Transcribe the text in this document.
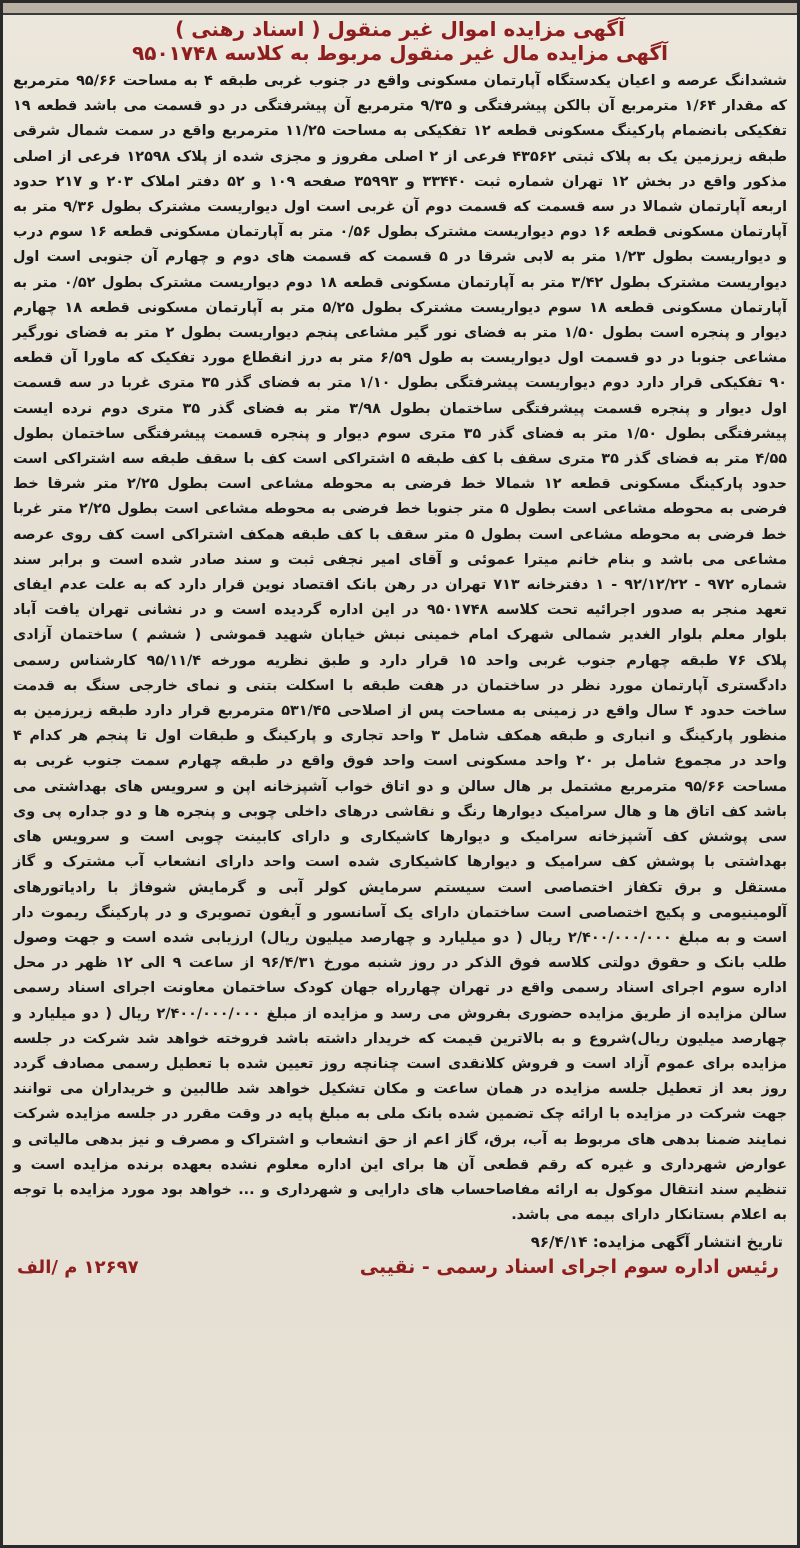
آگهی مزایده اموال غیر منقول ( اسناد رهنی )
آگهی مزایده مال غیر منقول مربوط به کلاسه ۹۵۰۱۷۴۸
ششدانگ عرصه و اعیان یکدستگاه آپارتمان مسکونی واقع در جنوب غربی طبقه ۴ به مساحت ۹۵/۶۶ مترمربع که مقدار ۱/۶۴ مترمربع آن بالکن پیشرفتگی و ۹/۳۵ مترمربع آن پیشرفتگی در دو قسمت می باشد قطعه ۱۹ تفکیکی بانضمام پارکینگ مسکونی قطعه ۱۲ تفکیکی به مساحت ۱۱/۲۵ مترمربع واقع در سمت شمال شرقی طبقه زیرزمین یک به پلاک ثبتی ۴۳۵۶۲ فرعی از ۲ اصلی مفروز و مجزی شده از پلاک ۱۲۵۹۸ فرعی از اصلی مذکور واقع در بخش ۱۲ تهران شماره ثبت ۳۳۴۴۰ و ۳۵۹۹۳ صفحه ۱۰۹ و ۵۲ دفتر املاک ۲۰۳ و ۲۱۷ حدود اربعه آپارتمان شمالا در سه قسمت که قسمت دوم آن غربی است اول دیواریست مشترک بطول ۹/۳۶ متر به آپارتمان مسکونی قطعه ۱۶ دوم دیواریست مشترک بطول ۰/۵۶ متر به آپارتمان مسکونی قطعه ۱۶ سوم درب و دیواریست بطول ۱/۲۳ متر به لابی شرقا در ۵ قسمت که قسمت های دوم و چهارم آن جنوبی است اول دیواریست مشترک بطول ۳/۴۲ متر به آپارتمان مسکونی قطعه ۱۸ دوم دیواریست مشترک بطول ۰/۵۲ متر به آپارتمان مسکونی قطعه ۱۸ سوم دیواریست مشترک بطول ۵/۲۵ متر به آپارتمان مسکونی قطعه ۱۸ چهارم دیوار و پنجره است بطول ۱/۵۰ متر به فضای نور گیر مشاعی پنجم دیواریست بطول ۲ متر به فضای نورگیر مشاعی جنوبا در دو قسمت اول دیواریست به طول ۶/۵۹ متر به درز انقطاع مورد تفکیک که ماورا آن قطعه ۹۰ تفکیکی قرار دارد دوم دیواریست پیشرفتگی بطول ۱/۱۰ متر به فضای گذر ۳۵ متری غربا در سه قسمت اول دیوار و پنجره قسمت پیشرفتگی ساختمان بطول ۳/۹۸ متر به فضای گذر ۳۵ متری دوم نرده ایست پیشرفتگی بطول ۱/۵۰ متر به فضای گذر ۳۵ متری سوم دیوار و پنجره قسمت پیشرفتگی ساختمان بطول ۴/۵۵ متر به فضای گذر ۳۵ متری سقف با کف طبقه ۵ اشتراکی است کف با سقف طبقه سه اشتراکی است حدود پارکینگ مسکونی قطعه ۱۲ شمالا خط فرضی به محوطه مشاعی است بطول ۲/۲۵ متر شرقا خط فرضی به محوطه مشاعی است بطول ۵ متر جنوبا خط فرضی به محوطه مشاعی است بطول ۲/۲۵ متر غربا خط فرضی به محوطه مشاعی است بطول ۵ متر سقف با کف طبقه همکف اشتراکی است کف روی عرصه مشاعی می باشد و بنام خانم میترا عموئی و آقای امیر نجفی ثبت و سند صادر شده است و برابر سند شماره ۹۷۲ - ۹۲/۱۲/۲۲ - ۱ دفترخانه ۷۱۳ تهران در رهن بانک اقتصاد نوین قرار دارد که به علت عدم ایفای تعهد منجر به صدور اجرائیه تحت کلاسه ۹۵۰۱۷۴۸ در این اداره گردیده است و در نشانی تهران یافت آباد بلوار معلم بلوار الغدیر شمالی شهرک امام خمینی نبش خیابان شهید قموشی ( ششم ) ساختمان آزادی پلاک ۷۶ طبقه چهارم جنوب غربی واحد ۱۵ قرار دارد و طبق نظریه مورخه ۹۵/۱۱/۴ کارشناس رسمی دادگستری آپارتمان مورد نظر در ساختمان در هفت طبقه با اسکلت بتنی و نمای خارجی سنگ به قدمت ساخت حدود ۴ سال واقع در زمینی به مساحت پس از اصلاحی ۵۳۱/۴۵ مترمربع قرار دارد طبقه زیرزمین به منظور پارکینگ و انباری و طبقه همکف شامل ۳ واحد تجاری و پارکینگ و طبقات اول تا پنجم هر کدام ۴ واحد در مجموع شامل بر ۲۰ واحد مسکونی است واحد فوق واقع در طبقه چهارم سمت جنوب غربی به مساحت ۹۵/۶۶ مترمربع مشتمل بر هال سالن و دو اتاق خواب آشپزخانه اپن و سرویس های بهداشتی می باشد کف اتاق ها و هال سرامیک دیوارها رنگ و نقاشی درهای داخلی چوبی و پنجره ها و دو جداره پی وی سی پوشش کف آشپزخانه سرامیک و دیوارها کاشیکاری و دارای کابینت چوبی است و سرویس های بهداشتی با پوشش کف سرامیک و دیوارها کاشیکاری شده است واحد دارای انشعاب آب مشترک و گاز مستقل و برق تکفاز اختصاصی است سیستم سرمایش کولر آبی و گرمایش شوفاژ با رادیاتورهای آلومینیومی و پکیج اختصاصی است ساختمان دارای یک آسانسور و آیفون تصویری و در پارکینگ ریموت دار است و به مبلغ ۲/۴۰۰/۰۰۰/۰۰۰ ریال ( دو میلیارد و چهارصد میلیون ریال) ارزیابی شده است و جهت وصول طلب بانک و حقوق دولتی کلاسه فوق الذکر در روز شنبه مورخ ۹۶/۴/۳۱ از ساعت ۹ الی ۱۲ ظهر در محل اداره سوم اجرای اسناد رسمی واقع در تهران چهارراه جهان کودک ساختمان معاونت اجرای اسناد رسمی سالن مزایده از طریق مزایده حضوری بفروش می رسد و مزایده از مبلغ ۲/۴۰۰/۰۰۰/۰۰۰ ریال ( دو میلیارد و چهارصد میلیون ریال)شروع و به بالاترین قیمت که خریدار داشته باشد فروخته خواهد شد شرکت در جلسه مزایده برای عموم آزاد است و فروش کلانقدی است چنانچه روز تعیین شده با تعطیل رسمی مصادف گردد روز بعد از تعطیل جلسه مزایده در همان ساعت و مکان تشکیل خواهد شد طالبین و خریداران می توانند جهت شرکت در مزایده با ارائه چک تضمین شده بانک ملی به مبلغ پایه در وقت مقرر در جلسه مزایده شرکت نمایند ضمنا بدهی های مربوط به آب، برق، گاز اعم از حق انشعاب و اشتراک و مصرف و نیز بدهی مالیاتی و عوارض شهرداری و غیره که رقم قطعی آن ها برای این اداره معلوم نشده بعهده برنده مزایده است و تنظیم سند انتقال موکول به ارائه مفاصاحساب های دارایی و شهرداری و ... خواهد بود مورد مزایده با توجه به اعلام بستانکار دارای بیمه می باشد.
تاریخ انتشار آگهی مزایده: ۹۶/۴/۱۴
رئیس اداره سوم اجرای اسناد رسمی - نقیبی
۱۲۶۹۷ م /الف
